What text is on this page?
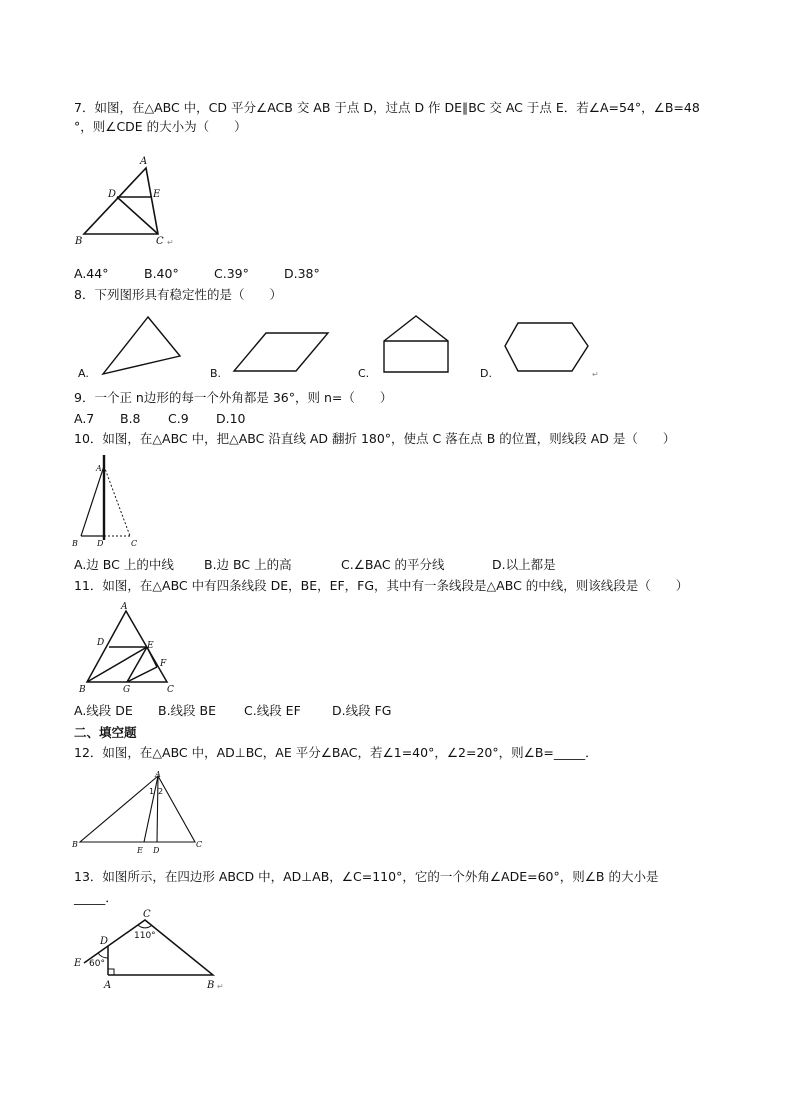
7．如图，在△ABC 中，CD 平分∠ACB 交 AB 于点 D，过点 D 作 DE∥BC 交 AC 于点 E．若∠A=54°，∠B=48
°，则∠CDE 的大小为（　　）
A
D	E
B	C ↵
A.44°	B.40°	C.39°	D.38°
8．下列图形具有稳定性的是（　　）
A.	B.	C.	D.	↵
9．一个正 n边形的每一个外角都是 36°，则 n=（　　）
A.7 B.8 C.9 D.10
10．如图，在△ABC 中，把△ABC 沿直线 AD 翻折 180°，使点 C 落在点 B 的位置，则线段 AD 是（　　）
A
B D	C
A.边 BC 上的中线 B.边 BC 上的高	C.∠BAC 的平分线	D.以上都是
11．如图，在△ABC 中有四条线段 DE，BE，EF，FG，其中有一条线段是△ABC 的中线，则该线段是（　　）
A
D	E
F
B	G	C
A.线段 DE B.线段 BE C.线段 EF D.线段 FG
二、填空题
12．如图，在△ABC 中，AD⊥BC，AE 平分∠BAC，若∠1=40°，∠2=20°，则∠B=_____．
A
1 2
B
E D
C
13．如图所示，在四边形 ABCD 中，AD⊥AB，∠C=110°，它的一个外角∠ADE=60°，则∠B 的大小是
_____．
C
110°
D
60°
E
A	B ↵
